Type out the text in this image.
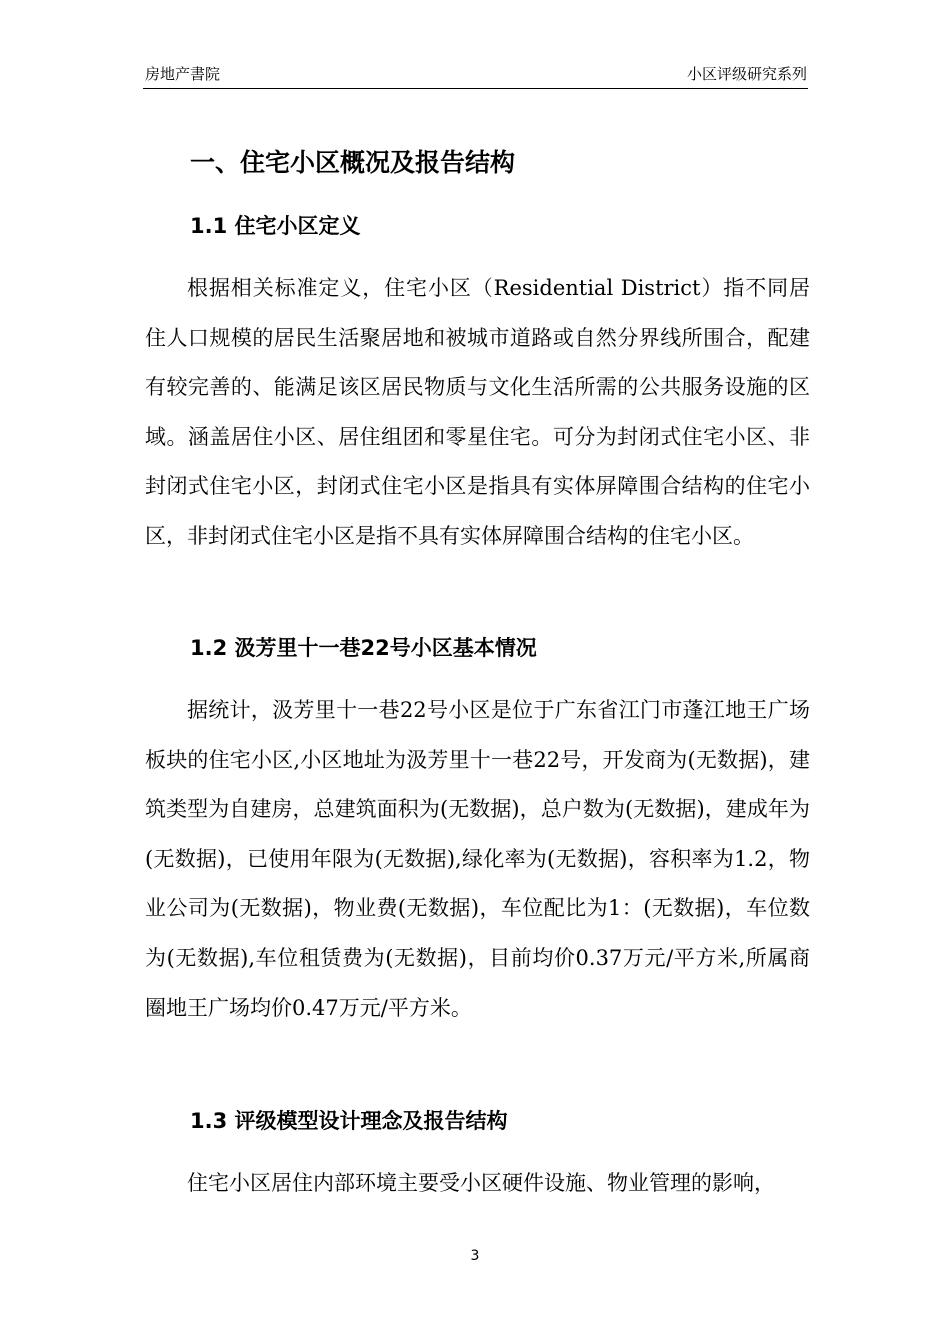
房地产書院	小区评级研究系列
一、住宅小区概况及报告结构
1.1 住宅小区定义

根据相关标准定义，住宅小区（Residential District）指不同居住人口规模的居民生活聚居地和被城市道路或自然分界线所围合，配建有较完善的、能满足该区居民物质与文化生活所需的公共服务设施的区域。涵盖居住小区、居住组团和零星住宅。可分为封闭式住宅小区、非封闭式住宅小区，封闭式住宅小区是指具有实体屏障围合结构的住宅小区，非封闭式住宅小区是指不具有实体屏障围合结构的住宅小区。

1.2 汲芳里十一巷22号小区基本情况

据统计，汲芳里十一巷22号小区是位于广东省江门市蓬江地王广场板块的住宅小区,小区地址为汲芳里十一巷22号，开发商为(无数据)，建筑类型为自建房，总建筑面积为(无数据)，总户数为(无数据)，建成年为(无数据)，已使用年限为(无数据),绿化率为(无数据)，容积率为1.2，物业公司为(无数据)，物业费(无数据)，车位配比为1：(无数据)，车位数为(无数据),车位租赁费为(无数据)，目前均价0.37万元/平方米,所属商圈地王广场均价0.47万元/平方米。

1.3 评级模型设计理念及报告结构

住宅小区居住内部环境主要受小区硬件设施、物业管理的影响，

3
